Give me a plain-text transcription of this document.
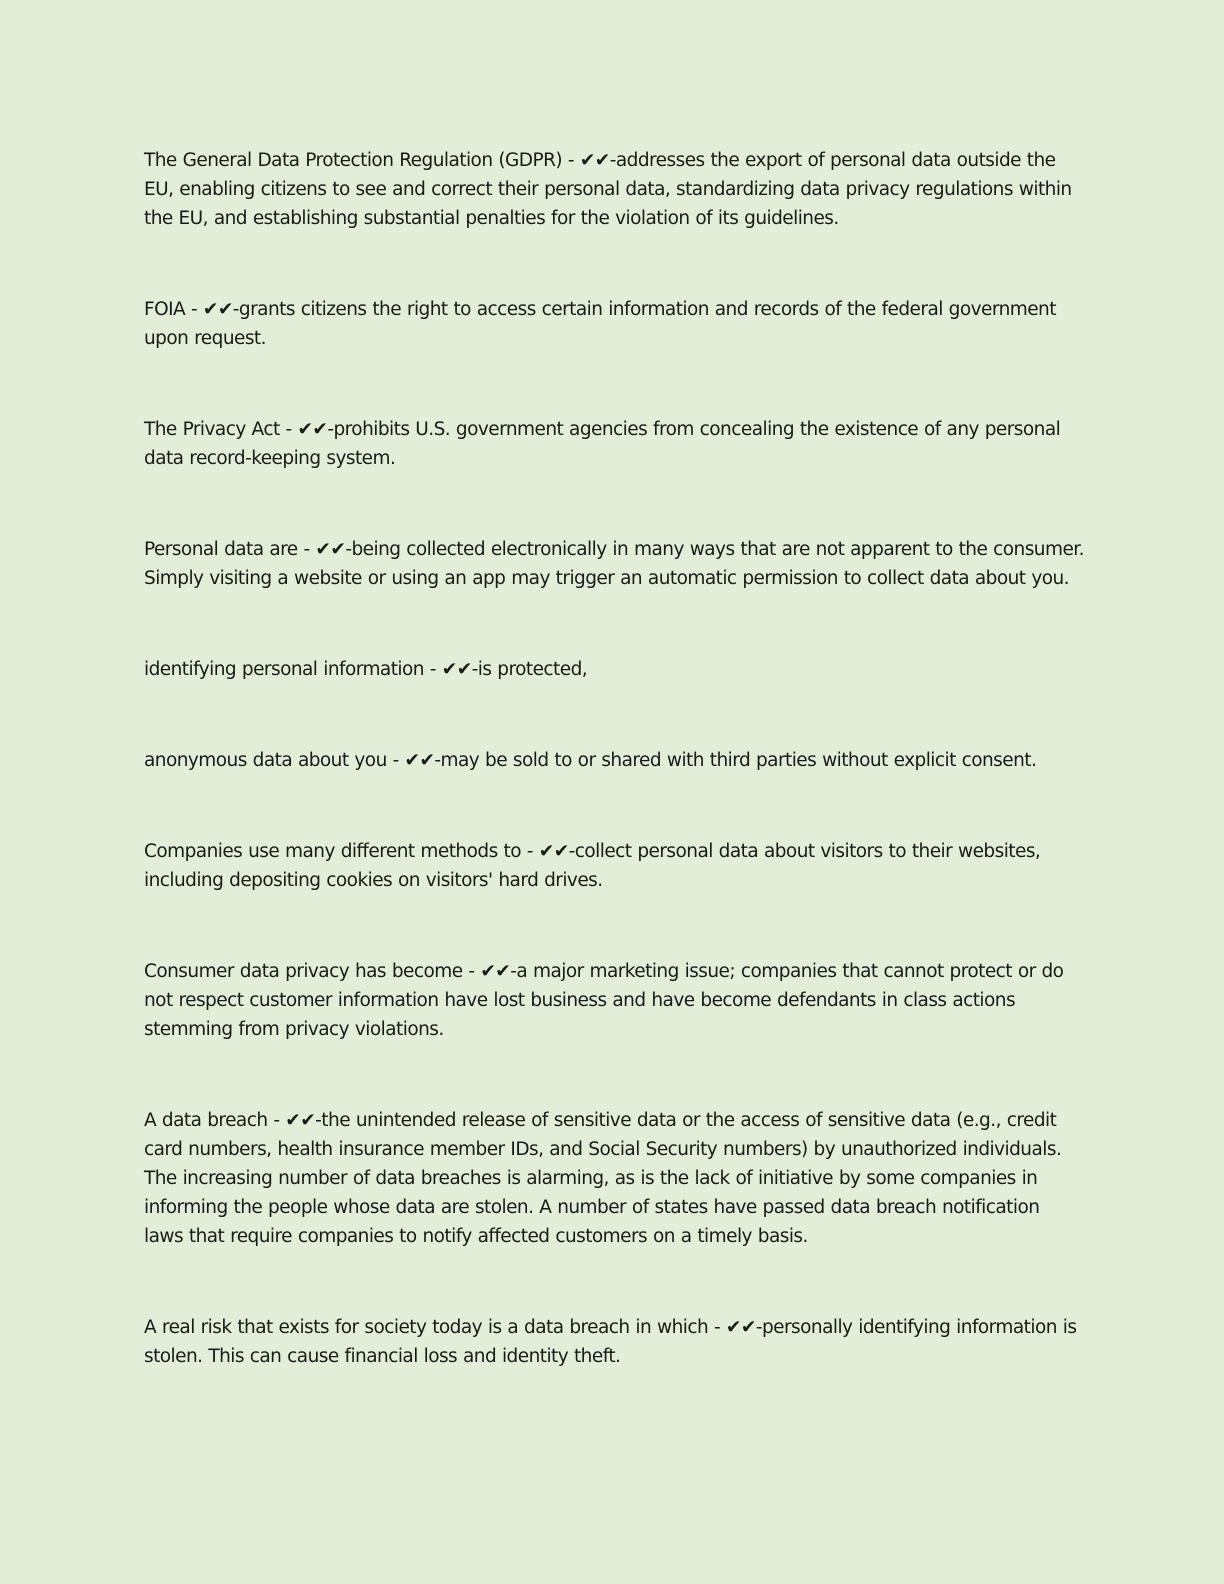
The General Data Protection Regulation (GDPR) - ✔✔-addresses the export of personal data outside the EU, enabling citizens to see and correct their personal data, standardizing data privacy regulations within the EU, and establishing substantial penalties for the violation of its guidelines.

FOIA - ✔✔-grants citizens the right to access certain information and records of the federal government upon request.

The Privacy Act - ✔✔-prohibits U.S. government agencies from concealing the existence of any personal data record-keeping system.

Personal data are - ✔✔-being collected electronically in many ways that are not apparent to the consumer. Simply visiting a website or using an app may trigger an automatic permission to collect data about you.

identifying personal information - ✔✔-is protected,

anonymous data about you - ✔✔-may be sold to or shared with third parties without explicit consent.

Companies use many different methods to - ✔✔-collect personal data about visitors to their websites, including depositing cookies on visitors' hard drives.

Consumer data privacy has become - ✔✔-a major marketing issue; companies that cannot protect or do not respect customer information have lost business and have become defendants in class actions stemming from privacy violations.

A data breach - ✔✔-the unintended release of sensitive data or the access of sensitive data (e.g., credit card numbers, health insurance member IDs, and Social Security numbers) by unauthorized individuals. The increasing number of data breaches is alarming, as is the lack of initiative by some companies in informing the people whose data are stolen. A number of states have passed data breach notification laws that require companies to notify affected customers on a timely basis.

A real risk that exists for society today is a data breach in which - ✔✔-personally identifying information is stolen. This can cause financial loss and identity theft.
